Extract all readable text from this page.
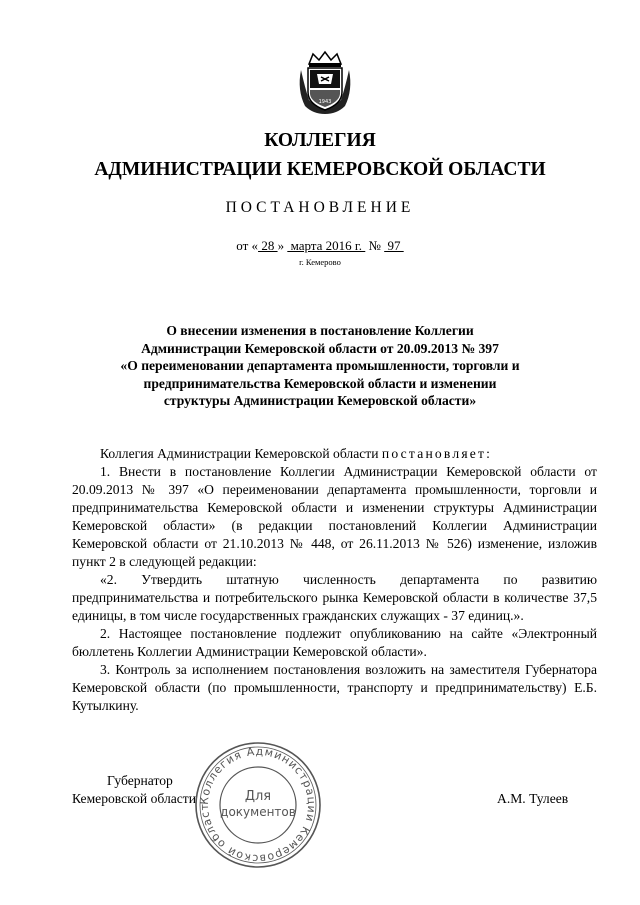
1943
КОЛЛЕГИЯ
АДМИНИСТРАЦИИ КЕМЕРОВСКОЙ ОБЛАСТИ
ПОСТАНОВЛЕНИЕ
от « 28 »  марта 2016 г.  №  97
г. Кемерово
О внесении изменения в постановление Коллегии
Администрации Кемеровской области от 20.09.2013 № 397
«О переименовании департамента промышленности, торговли и
предпринимательства Кемеровской области и изменении
структуры Администрации Кемеровской области»
Коллегия Администрации Кемеровской области постановляет:
1. Внести в постановление Коллегии Администрации Кемеровской области от 20.09.2013 № 397 «О переименовании департамента промышленности, торговли и предпринимательства Кемеровской области и изменении структуры Администрации Кемеровской области» (в редакции постановлений Коллегии Администрации Кемеровской области от 21.10.2013 № 448, от 26.11.2013 № 526) изменение, изложив пункт 2 в следующей редакции:
«2. Утвердить штатную численность департамента по развитию предпринимательства и потребительского рынка Кемеровской области в количестве 37,5 единицы, в том числе государственных гражданских служащих - 37 единиц.».
2. Настоящее постановление подлежит опубликованию на сайте «Электронный бюллетень Коллегии Администрации Кемеровской области».
3. Контроль за исполнением постановления возложить на заместителя Губернатора Кемеровской области (по промышленности, транспорту и предпринимательству) Е.Б. Кутылкину.
Губернатор
Кемеровской области	А.М. Тулеев
Коллегия Администрации Кемеровской област
Для
документов
